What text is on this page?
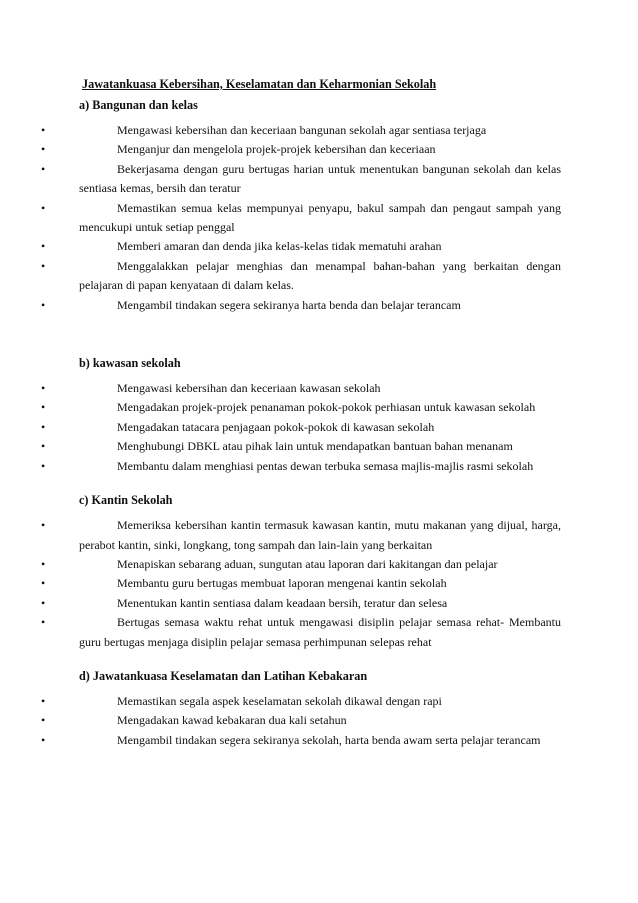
Jawatankuasa Kebersihan, Keselamatan dan Keharmonian Sekolah
a) Bangunan dan kelas
•	Mengawasi kebersihan dan keceriaan bangunan sekolah agar sentiasa terjaga
•	Menganjur dan mengelola projek-projek kebersihan dan keceriaan
•	Bekerjasama dengan guru bertugas harian untuk menentukan bangunan sekolah dan kelas sentiasa kemas, bersih dan teratur
•	Memastikan semua kelas mempunyai penyapu, bakul sampah dan pengaut sampah yang mencukupi untuk setiap penggal
•	Memberi amaran dan denda jika kelas-kelas tidak mematuhi arahan
•	Menggalakkan pelajar menghias dan menampal bahan-bahan yang berkaitan dengan pelajaran di papan kenyataan di dalam kelas.
•	Mengambil tindakan segera sekiranya harta benda dan belajar terancam
b) kawasan sekolah
•	Mengawasi kebersihan dan keceriaan kawasan sekolah
•	Mengadakan projek-projek penanaman pokok-pokok perhiasan untuk kawasan sekolah
•	Mengadakan tatacara penjagaan pokok-pokok di kawasan sekolah
•	Menghubungi DBKL atau pihak lain untuk mendapatkan bantuan bahan menanam
•	Membantu dalam menghiasi pentas dewan terbuka semasa majlis-majlis rasmi sekolah
c) Kantin Sekolah
•	Memeriksa kebersihan kantin termasuk kawasan kantin, mutu makanan yang dijual, harga, perabot kantin, sinki, longkang, tong sampah dan lain-lain yang berkaitan
•	Menapiskan sebarang aduan, sungutan atau laporan dari kakitangan dan pelajar
•	Membantu guru bertugas membuat laporan mengenai kantin sekolah
•	Menentukan kantin sentiasa dalam keadaan bersih, teratur dan selesa
•	Bertugas semasa waktu rehat untuk mengawasi disiplin pelajar semasa rehat- Membantu guru bertugas menjaga disiplin pelajar semasa perhimpunan selepas rehat
d) Jawatankuasa Keselamatan dan Latihan Kebakaran
•	Memastikan segala aspek keselamatan sekolah dikawal dengan rapi
•	Mengadakan kawad kebakaran dua kali setahun
•	Mengambil tindakan segera sekiranya sekolah, harta benda awam serta pelajar terancam
